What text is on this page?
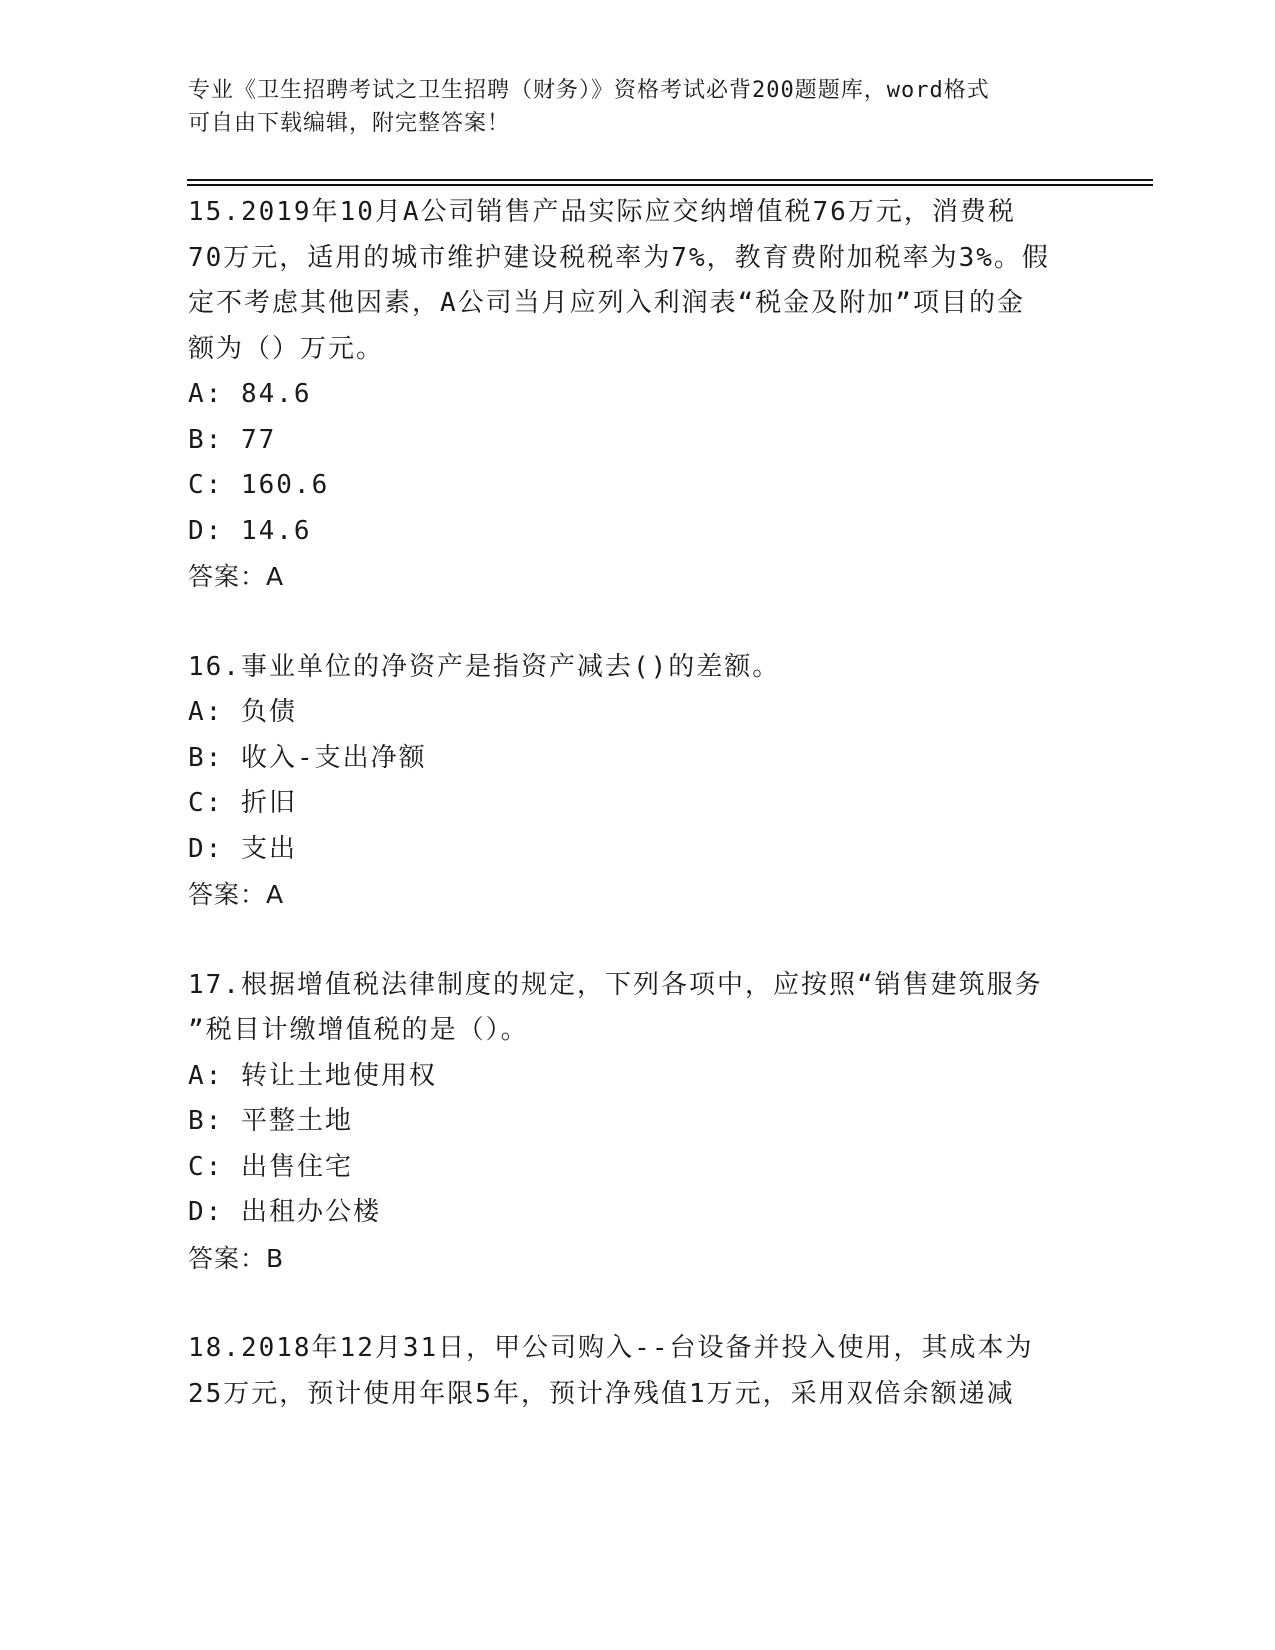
专业《卫生招聘考试之卫生招聘（财务）》资格考试必背200题题库，word格式
可自由下载编辑，附完整答案！

15.2019年10月A公司销售产品实际应交纳增值税76万元，消费税

70万元，适用的城市维护建设税税率为7%，教育费附加税率为3%。假

定不考虑其他因素，A公司当月应列入利润表“税金及附加”项目的金

额为（）万元。

A: 84.6

B: 77

C: 160.6

D: 14.6

答案：A

16.事业单位的净资产是指资产减去()的差额。

A: 负债

B: 收入-支出净额

C: 折旧

D: 支出

答案：A

17.根据增值税法律制度的规定，下列各项中，应按照“销售建筑服务

”税目计缴增值税的是（）。

A: 转让土地使用权

B: 平整土地

C: 出售住宅

D: 出租办公楼

答案：B

18.2018年12月31日，甲公司购入--台设备并投入使用，其成本为

25万元，预计使用年限5年，预计净残值1万元，采用双倍余额递减
